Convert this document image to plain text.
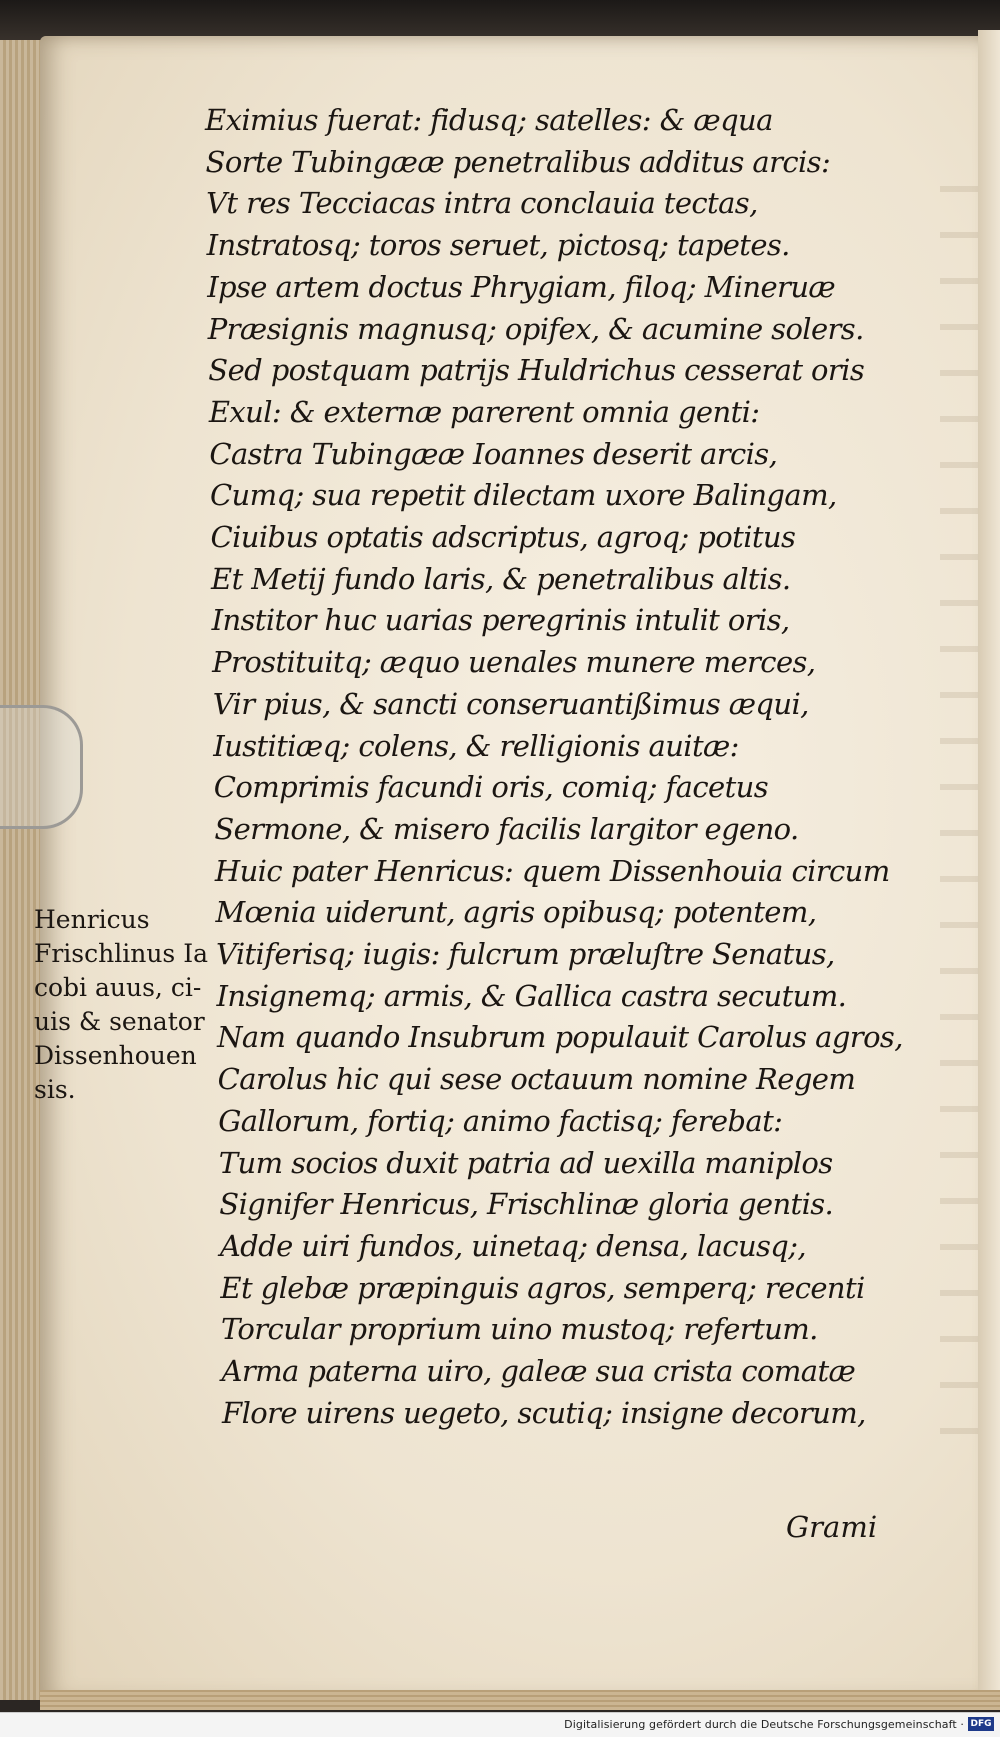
Eximius fuerat: fidusq; satelles: & æqua
Sorte Tubingææ penetralibus additus arcis:
Vt res Tecciacas intra conclauia tectas,
Instratosq; toros seruet, pictosq; tapetes.
Ipse artem doctus Phrygiam, filoq; Mineruæ
Præsignis magnusq; opifex, & acumine solers.
Sed postquam patrijs Huldrichus cesserat oris
Exul: & externæ parerent omnia genti:
Castra Tubingææ Ioannes deserit arcis,
Cumq; sua repetit dilectam uxore Balingam,
Ciuibus optatis adscriptus, agroq; potitus
Et Metij fundo laris, & penetralibus altis.
Institor huc uarias peregrinis intulit oris,
Prostituitq; æquo uenales munere merces,
Vir pius, & sancti conseruantißimus æqui,
Iustitiæq; colens, & relligionis auitæ:
Comprimis facundi oris, comiq; facetus
Sermone, & misero facilis largitor egeno.
Huic pater Henricus: quem Dissenhouia circum
Mœnia uiderunt, agris opibusq; potentem,
Vitiferisq; iugis: fulcrum præluſtre Senatus,
Insignemq; armis, & Gallica castra secutum.
Nam quando Insubrum populauit Carolus agros,
Carolus hic qui sese octauum nomine Regem
Gallorum, fortiq; animo factisq; ferebat:
Tum socios duxit patria ad uexilla maniplos
Signifer Henricus, Frischlinæ gloria gentis.
Adde uiri fundos, uinetaq; densa, lacusq;,
Et glebæ præpinguis agros, semperq; recenti
Torcular proprium uino mustoq; refertum.
Arma paterna uiro, galeæ sua crista comatæ
Flore uirens uegeto, scutiq; insigne decorum,
Grami
Henricus
Frischlinus Ia
cobi auus, ci-
uis & senator
Dissenhouen
sis.
Digitalisierung gefördert durch die Deutsche Forschungsgemeinschaft · DFG
